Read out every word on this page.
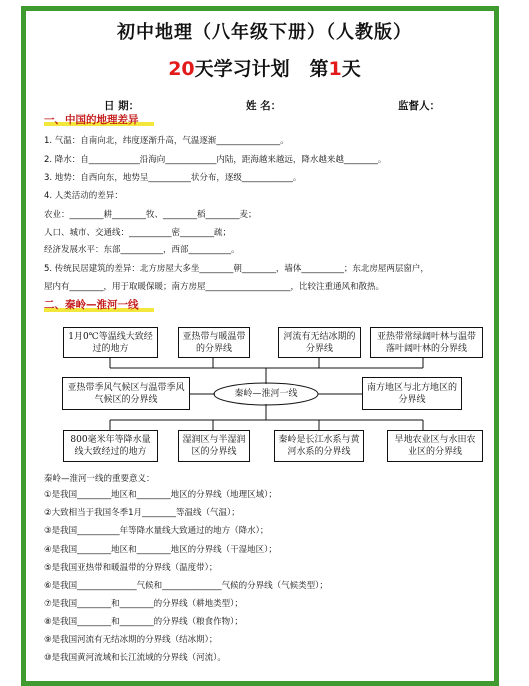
初中地理（八年级下册）（人教版）
20天学习计划 第1天
日 期：	姓 名：	监督人：
一、中国的地理差异
1. 气温：自南向北，纬度逐渐升高，气温逐渐_______________。
2. 降水：自____________沿海向____________内陆，距海越来越远，降水越来越________。
3. 地势：自西向东，地势呈__________状分布，逐级____________。
4. 人类活动的差异：
农业：________耕________牧、________稻________麦；
人口、城市、交通线：__________密________疏；
经济发展水平：东部__________，西部__________。
5. 传统民居建筑的差异：北方房屋大多坐________朝________，墙体__________；东北房屋两层窗户，
屋内有________，用于取暖保暖；南方房屋____________________，比较注重通风和散热。
二、秦岭—淮河一线
1月0℃等温线大致经过的地方
亚热带与暖温带的分界线
河流有无结冰期的分界线
亚热带常绿阔叶林与温带落叶阔叶林的分界线
亚热带季风气候区与温带季风气候区的分界线
秦岭—淮河一线
南方地区与北方地区的分界线
800毫米年等降水量线大致经过的地方
湿润区与半湿润区的分界线
秦岭是长江水系与黄河水系的分界线
旱地农业区与水田农业区的分界线
秦岭—淮河一线的重要意义：
①是我国________地区和________地区的分界线（地理区域）；
②大致相当于我国冬季1月________等温线（气温）；
③是我国__________年等降水量线大致通过的地方（降水）；
④是我国________地区和________地区的分界线（干湿地区）；
⑤是我国亚热带和暖温带的分界线（温度带）；
⑥是我国______________气候和______________气候的分界线（气候类型）；
⑦是我国________和________的分界线（耕地类型）；
⑧是我国________和________的分界线（粮食作物）；
⑨是我国河流有无结冰期的分界线（结冰期）；
⑩是我国黄河流域和长江流域的分界线（河流）。
